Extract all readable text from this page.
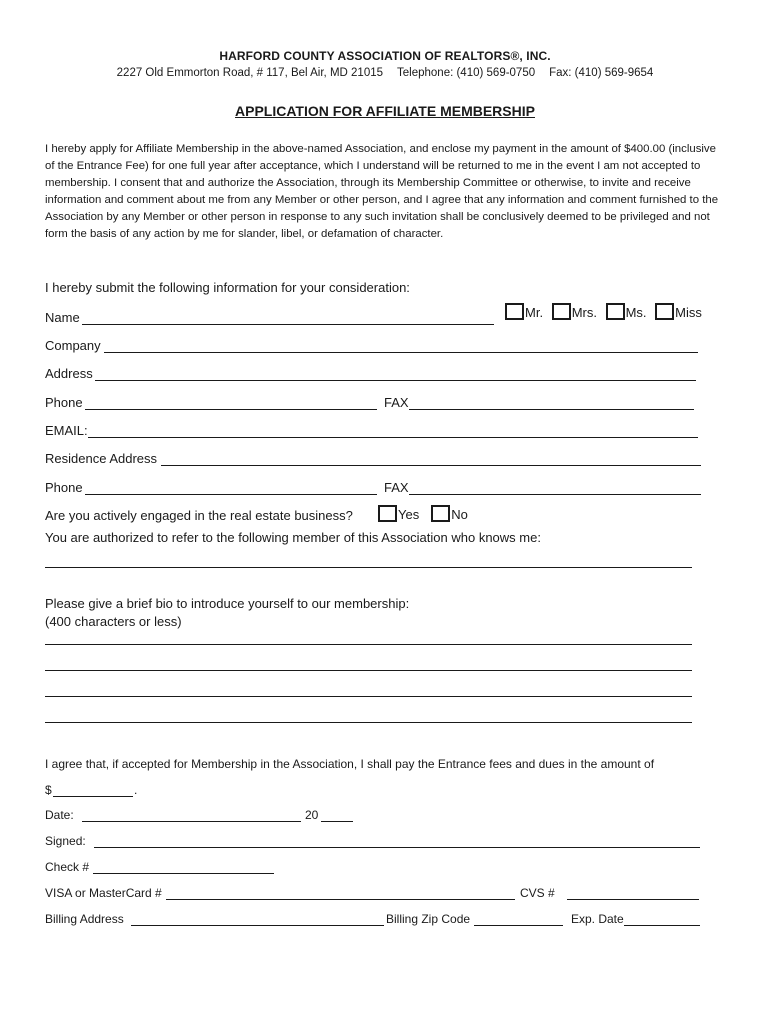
HARFORD COUNTY ASSOCIATION OF REALTORS®, INC.
2227 Old Emmorton Road, # 117, Bel Air, MD 21015 Telephone: (410) 569-0750 Fax: (410) 569-9654
APPLICATION FOR AFFILIATE MEMBERSHIP
I hereby apply for Affiliate Membership in the above-named Association, and enclose my payment in the amount of $400.00 (inclusive of the Entrance Fee) for one full year after acceptance, which I understand will be returned to me in the event I am not accepted to membership. I consent that and authorize the Association, through its Membership Committee or otherwise, to invite and receive information and comment about me from any Member or other person, and I agree that any information and comment furnished to the Association by any Member or other person in response to any such invitation shall be conclusively deemed to be privileged and not form the basis of any action by me for slander, libel, or defamation of character.
I hereby submit the following information for your consideration:
Name	Mr. Mrs. Ms. Miss
Company
Address
Phone	FAX
EMAIL:
Residence Address
Phone	FAX
Are you actively engaged in the real estate business?	Yes No
You are authorized to refer to the following member of this Association who knows me:
Please give a brief bio to introduce yourself to our membership:
(400 characters or less)
I agree that, if accepted for Membership in the Association, I shall pay the Entrance fees and dues in the amount of
$	.
Date:	20
Signed:
Check #
VISA or MasterCard #	CVS #
Billing Address	Billing Zip Code	Exp. Date
